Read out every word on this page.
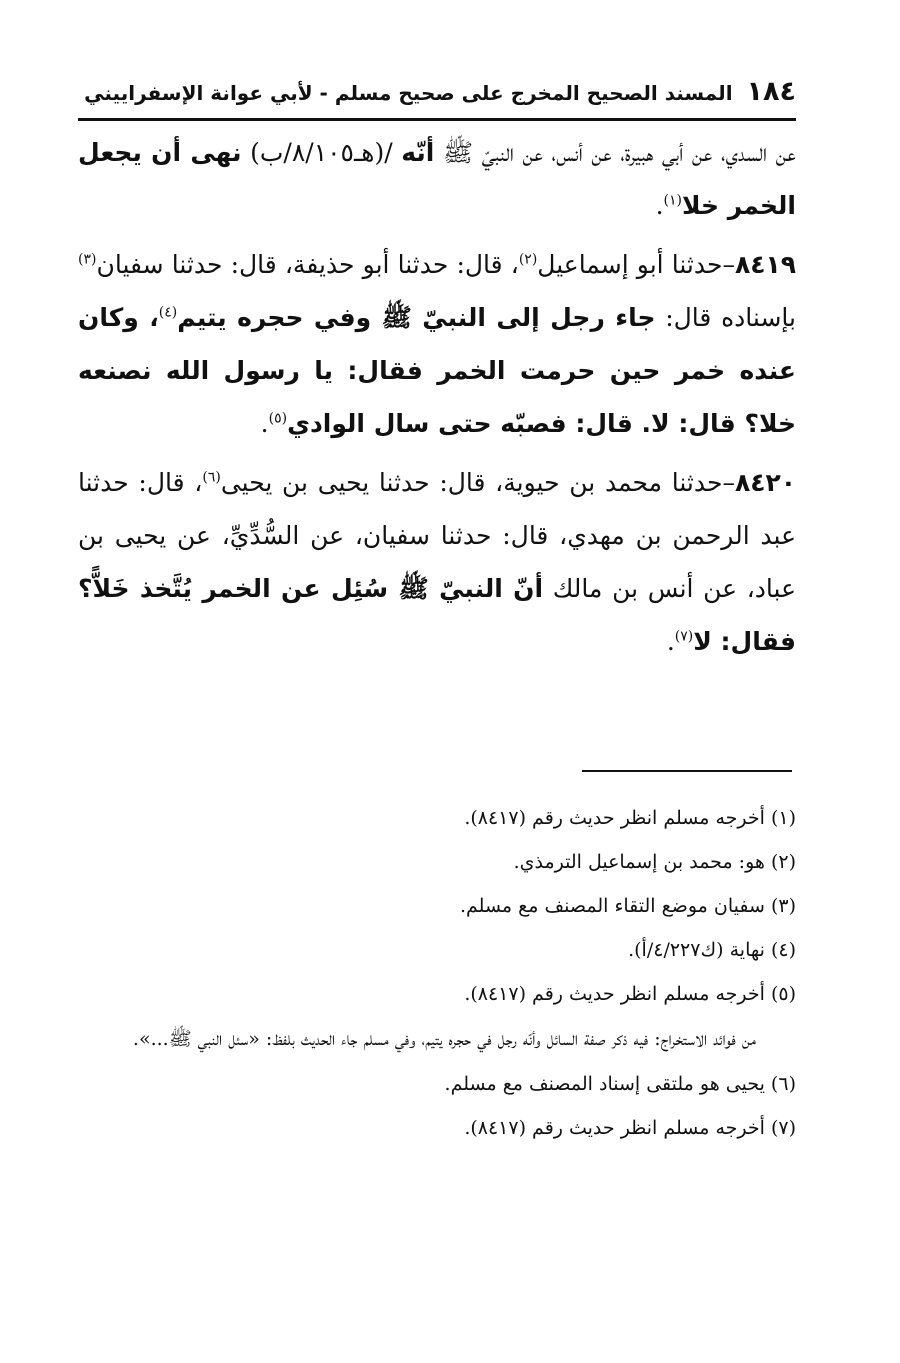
١٨٤المسند الصحيح المخرج على صحيح مسلم - لأبي عوانة الإسفراييني

عن السدي، عن أبي هبيرة، عن أنس، عن النبيّ ﷺ أنّه /(هـ٨/١٠٥/ب) نهى أن يجعل الخمر خلا$^{(١)}$.

٨٤١٩–حدثنا أبو إسماعيل$^{(٢)}$، قال: حدثنا أبو حذيفة، قال: حدثنا سفيان$^{(٣)}$ بإسناده قال: جاء رجل إلى النبيّ ﷺ وفي حجره يتيم$^{(٤)}$، وكان عنده خمر حين حرمت الخمر فقال: يا رسول الله نصنعه خلا؟ قال: لا. قال: فصبّه حتى سال الوادي$^{(٥)}$.

٨٤٢٠–حدثنا محمد بن حيوية، قال: حدثنا يحيى بن يحيى$^{(٦)}$، قال: حدثنا عبد الرحمن بن مهدي، قال: حدثنا سفيان، عن السُّدِّيِّ، عن يحيى بن عباد، عن أنس بن مالك أنّ النبيّ ﷺ سُئِل عن الخمر يُتَّخذ خَلاًّ؟ فقال: لا$^{(٧)}$.

(١) أخرجه مسلم انظر حديث رقم (٨٤١٧).
(٢) هو: محمد بن إسماعيل الترمذي.
(٣) سفيان موضع التقاء المصنف مع مسلم.
(٤) نهاية (ك٤/٢٢٧/أ).
(٥) أخرجه مسلم انظر حديث رقم (٨٤١٧).
من فوائد الاستخراج: فيه ذكر صفة السائل وأنّه رجل في حجره يتيم، وفي مسلم جاء الحديث بلفظ: «سئل النبي ﷺ...».
(٦) يحيى هو ملتقى إسناد المصنف مع مسلم.
(٧) أخرجه مسلم انظر حديث رقم (٨٤١٧).
